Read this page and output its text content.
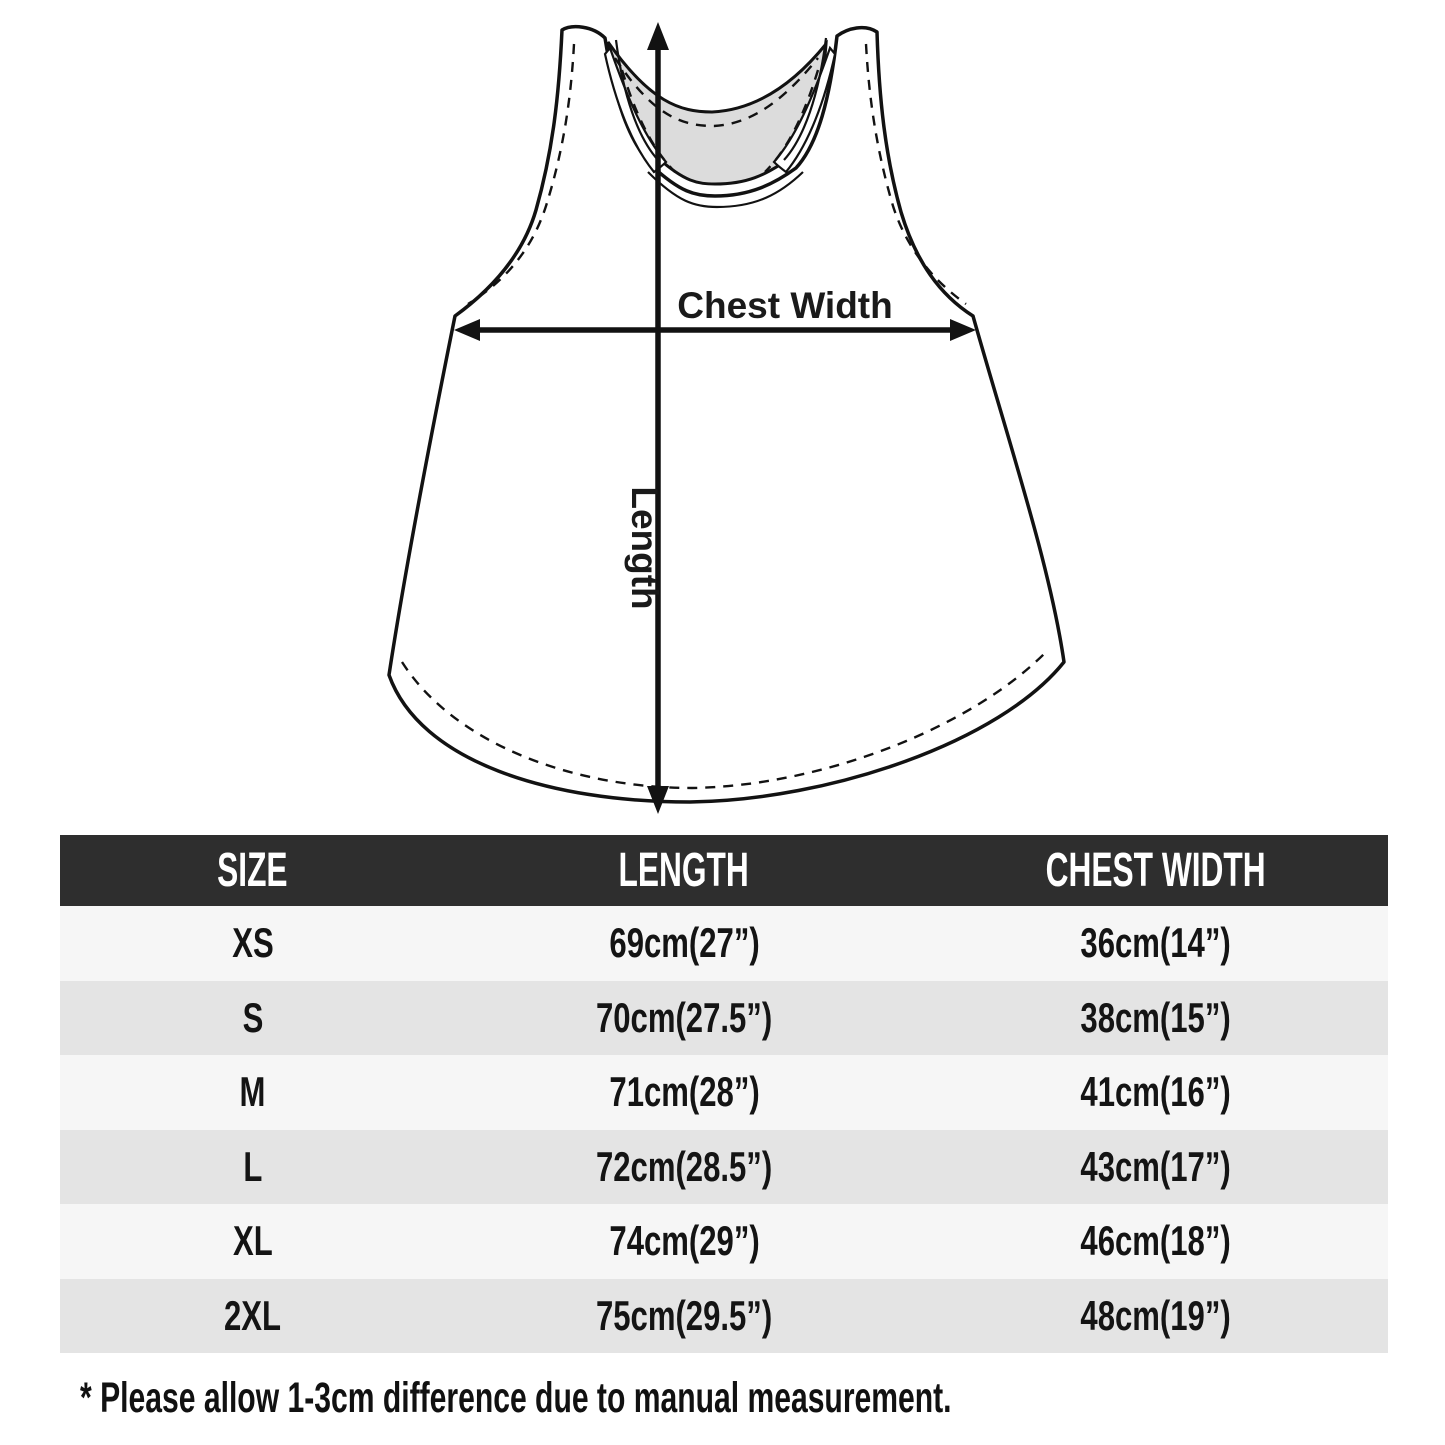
Chest Width
Length
SIZE	LENGTH	CHEST WIDTH
XS	69cm(27”)	36cm(14”)
S	70cm(27.5”)	38cm(15”)
M	71cm(28”)	41cm(16”)
L	72cm(28.5”)	43cm(17”)
XL	74cm(29”)	46cm(18”)
2XL	75cm(29.5”)	48cm(19”)
* Please allow 1-3cm difference due to manual measurement.
